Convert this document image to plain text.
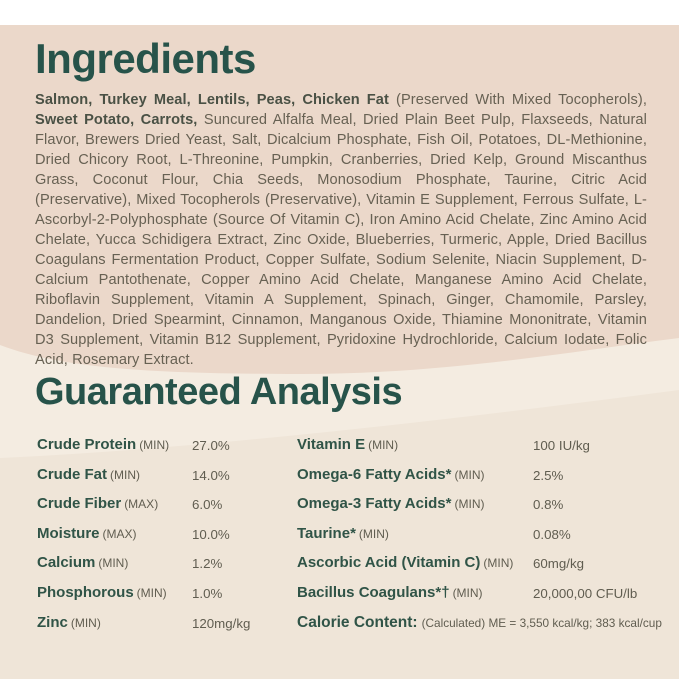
Ingredients

Salmon, Turkey Meal, Lentils, Peas, Chicken Fat (Preserved With Mixed Tocopherols), Sweet Potato, Carrots, Suncured Alfalfa Meal, Dried Plain Beet Pulp, Flaxseeds, Natural Flavor, Brewers Dried Yeast, Salt, Dicalcium Phosphate, Fish Oil, Potatoes, DL-Methionine, Dried Chicory Root, L-Threonine, Pumpkin, Cranberries, Dried Kelp, Ground Miscanthus Grass, Coconut Flour, Chia Seeds, Monosodium Phosphate, Taurine, Citric Acid (Preservative), Mixed Tocopherols (Preservative), Vitamin E Supplement, Ferrous Sulfate, L-Ascorbyl-2-Polyphosphate (Source Of Vitamin C), Iron Amino Acid Chelate, Zinc Amino Acid Chelate, Yucca Schidigera Extract, Zinc Oxide, Blueberries, Turmeric, Apple, Dried Bacillus Coagulans Fermentation Product, Copper Sulfate, Sodium Selenite, Niacin Supplement, D-Calcium Pantothenate, Copper Amino Acid Chelate, Manganese Amino Acid Chelate, Riboflavin Supplement, Vitamin A Supplement, Spinach, Ginger, Chamomile, Parsley, Dandelion, Dried Spearmint, Cinnamon, Manganous Oxide, Thiamine Mononitrate, Vitamin D3 Supplement, Vitamin B12 Supplement, Pyridoxine Hydrochloride, Calcium Iodate, Folic Acid, Rosemary Extract.

Guaranteed Analysis
Crude Protein (MIN) 27.0%
Crude Fat (MIN)	14.0%
Crude Fiber (MAX)	6.0%
Moisture (MAX)	10.0%
Calcium (MIN)	1.2%
Phosphorous (MIN) 1.0%
Zinc (MIN)	120mg/kg
Vitamin E (MIN)	100 IU/kg
Omega-6 Fatty Acids* (MIN)	2.5%
Omega-3 Fatty Acids* (MIN)	0.8%
Taurine* (MIN)	0.08%
Ascorbic Acid (Vitamin C) (MIN) 60mg/kg
Bacillus Coagulans*† (MIN)	20,000,00 CFU/lb
Calorie Content: (Calculated) ME = 3,550 kcal/kg; 383 kcal/cup
